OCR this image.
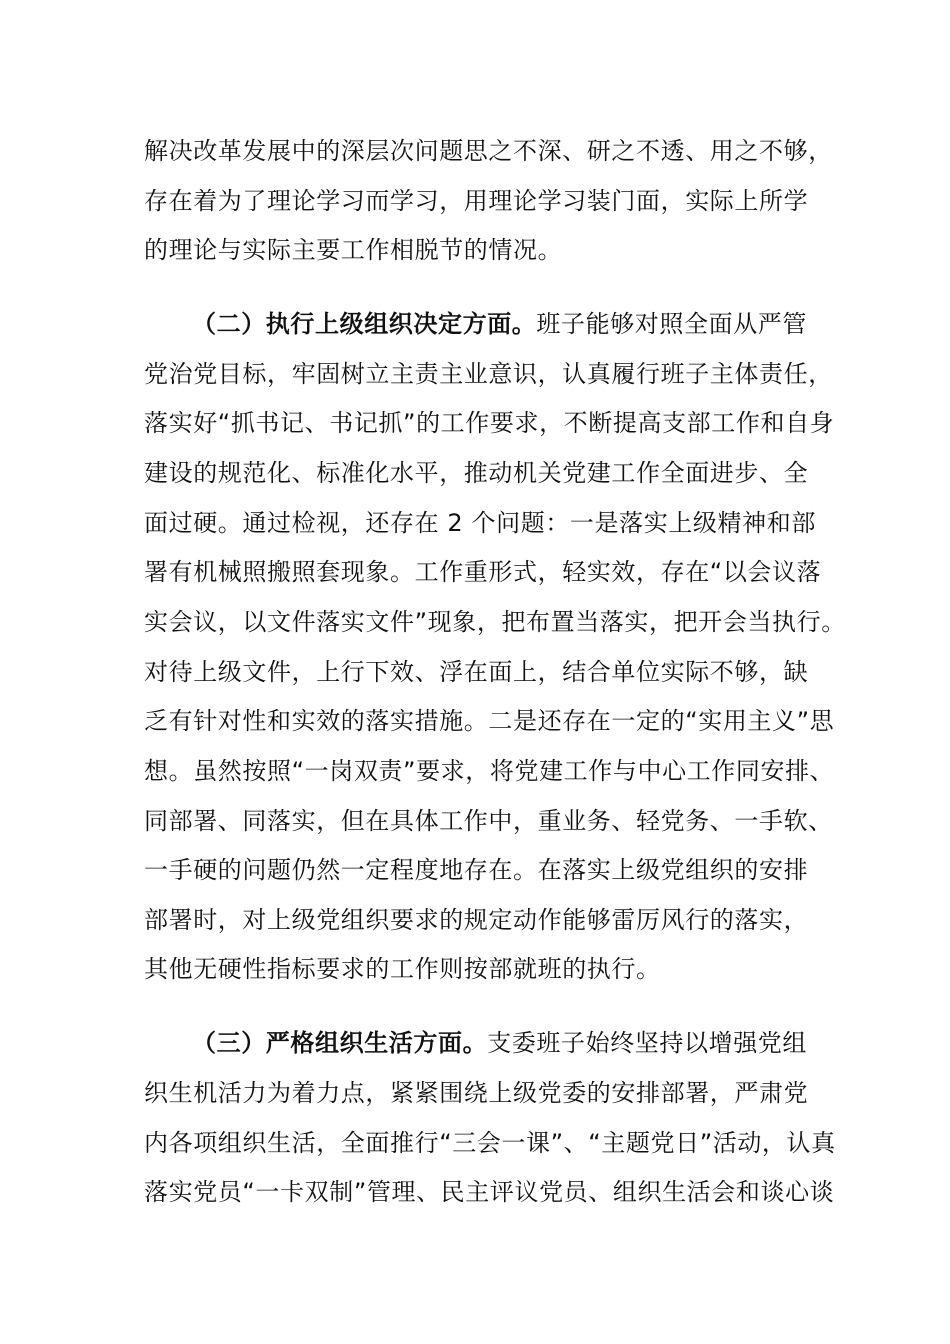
解决改革发展中的深层次问题思之不深、研之不透、用之不够，
存在着为了理论学习而学习，用理论学习装门面，实际上所学
的理论与实际主要工作相脱节的情况。
（二）执行上级组织决定方面。班子能够对照全面从严管
党治党目标，牢固树立主责主业意识，认真履行班子主体责任，
落实好“抓书记、书记抓”的工作要求，不断提高支部工作和自身
建设的规范化、标准化水平，推动机关党建工作全面进步、全
面过硬。通过检视，还存在 2 个问题：一是落实上级精神和部
署有机械照搬照套现象。工作重形式，轻实效，存在“以会议落
实会议，以文件落实文件”现象，把布置当落实，把开会当执行。
对待上级文件，上行下效、浮在面上，结合单位实际不够，缺
乏有针对性和实效的落实措施。二是还存在一定的“实用主义”思
想。虽然按照“一岗双责”要求，将党建工作与中心工作同安排、
同部署、同落实，但在具体工作中，重业务、轻党务、一手软、
一手硬的问题仍然一定程度地存在。在落实上级党组织的安排
部署时，对上级党组织要求的规定动作能够雷厉风行的落实，
其他无硬性指标要求的工作则按部就班的执行。
（三）严格组织生活方面。支委班子始终坚持以增强党组
织生机活力为着力点，紧紧围绕上级党委的安排部署，严肃党
内各项组织生活，全面推行“三会一课”、“主题党日”活动，认真
落实党员“一卡双制”管理、民主评议党员、组织生活会和谈心谈
